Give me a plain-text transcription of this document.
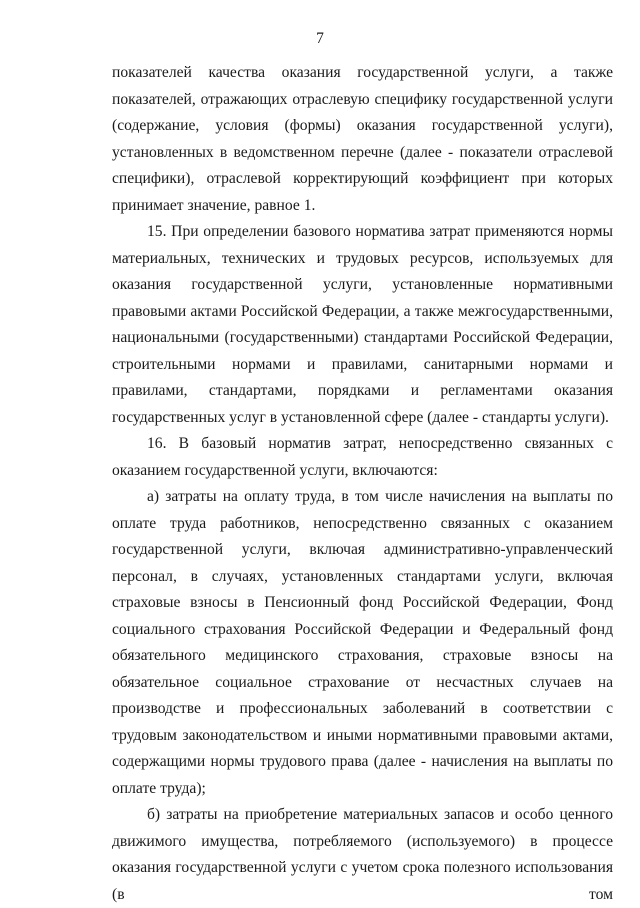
7

показателей качества оказания государственной услуги, а также показателей, отражающих отраслевую специфику государственной услуги (содержание, условия (формы) оказания государственной услуги), установленных в ведомственном перечне (далее - показатели отраслевой специфики), отраслевой корректирующий коэффициент при которых принимает значение, равное 1.

15. При определении базового норматива затрат применяются нормы материальных, технических и трудовых ресурсов, используемых для оказания государственной услуги, установленные нормативными правовыми актами Российской Федерации, а также межгосударственными, национальными (государственными) стандартами Российской Федерации, строительными нормами и правилами, санитарными нормами и правилами, стандартами, порядками и регламентами оказания государственных услуг в установленной сфере (далее - стандарты услуги).

16. В базовый норматив затрат, непосредственно связанных с оказанием государственной услуги, включаются:

а) затраты на оплату труда, в том числе начисления на выплаты по оплате труда работников, непосредственно связанных с оказанием государственной услуги, включая административно-управленческий персонал, в случаях, установленных стандартами услуги, включая страховые взносы в Пенсионный фонд Российской Федерации, Фонд социального страхования Российской Федерации и Федеральный фонд обязательного медицинского страхования, страховые взносы на обязательное социальное страхование от несчастных случаев на производстве и профессиональных заболеваний в соответствии с трудовым законодательством и иными нормативными правовыми актами, содержащими нормы трудового права (далее - начисления на выплаты по оплате труда);

б) затраты на приобретение материальных запасов и особо ценного движимого имущества, потребляемого (используемого) в процессе оказания государственной услуги с учетом срока полезного использования (в том
